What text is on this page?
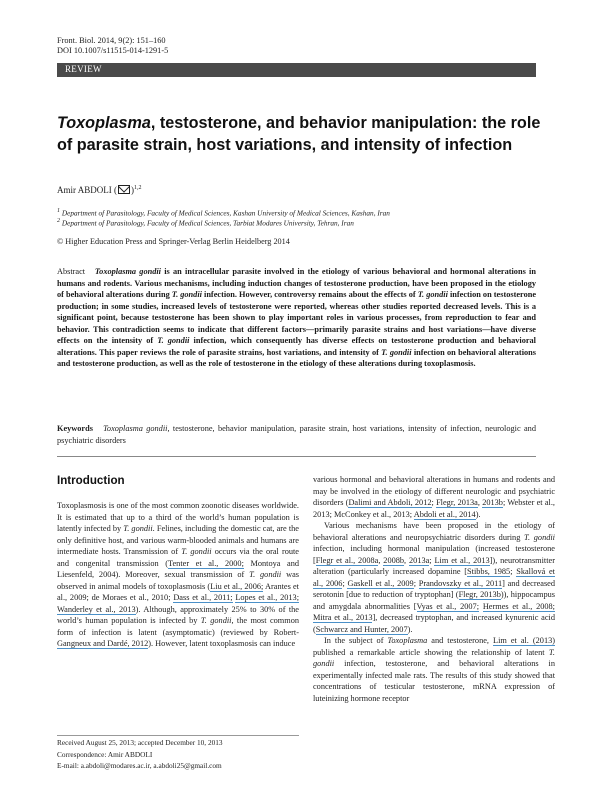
Front. Biol. 2014, 9(2): 151–160
DOI 10.1007/s11515-014-1291-5
REVIEW
Toxoplasma, testosterone, and behavior manipulation: the role of parasite strain, host variations, and intensity of infection
Amir ABDOLI ( )$^{1,2}$
$^1$ Department of Parasitology, Faculty of Medical Sciences, Kashan University of Medical Sciences, Kashan, Iran
$^2$ Department of Parasitology, Faculty of Medical Sciences, Tarbiat Modares University, Tehran, Iran
© Higher Education Press and Springer-Verlag Berlin Heidelberg 2014
Abstract Toxoplasma gondii is an intracellular parasite involved in the etiology of various behavioral and hormonal alterations in humans and rodents. Various mechanisms, including induction changes of testosterone production, have been proposed in the etiology of behavioral alterations during T. gondii infection. However, controversy remains about the effects of T. gondii infection on testosterone production; in some studies, increased levels of testosterone were reported, whereas other studies reported decreased levels. This is a significant point, because testosterone has been shown to play important roles in various processes, from reproduction to fear and behavior. This contradiction seems to indicate that different factors—primarily parasite strains and host variations—have diverse effects on the intensity of T. gondii infection, which consequently has diverse effects on testosterone production and behavioral alterations. This paper reviews the role of parasite strains, host variations, and intensity of T. gondii infection on behavioral alterations and testosterone production, as well as the role of testosterone in the etiology of these alterations during toxoplasmosis.
Keywords Toxoplasma gondii, testosterone, behavior manipulation, parasite strain, host variations, intensity of infection, neurologic and psychiatric disorders
Introduction

Toxoplasmosis is one of the most common zoonotic diseases worldwide. It is estimated that up to a third of the world’s human population is latently infected by T. gondii. Felines, including the domestic cat, are the only definitive host, and various warm-blooded animals and humans are intermediate hosts. Transmission of T. gondii occurs via the oral route and congenital transmission (Tenter et al., 2000; Montoya and Liesenfeld, 2004). Moreover, sexual transmission of T. gondii was observed in animal models of toxoplasmosis (Liu et al., 2006; Arantes et al., 2009; de Moraes et al., 2010; Dass et al., 2011; Lopes et al., 2013; Wanderley et al., 2013). Although, approximately 25% to 30% of the world’s human population is infected by T. gondii, the most common form of infection is latent (asymptomatic) (reviewed by Robert-Gangneux and Dardé, 2012). However, latent toxoplasmosis can induce

various hormonal and behavioral alterations in humans and rodents and may be involved in the etiology of different neurologic and psychiatric disorders (Dalimi and Abdoli, 2012; Flegr, 2013a, 2013b; Webster et al., 2013; McConkey et al., 2013; Abdoli et al., 2014).

Various mechanisms have been proposed in the etiology of behavioral alterations and neuropsychiatric disorders during T. gondii infection, including hormonal manipulation (increased testosterone [Flegr et al., 2008a, 2008b, 2013a; Lim et al., 2013]), neurotransmitter alteration (particularly increased dopamine [Stibbs, 1985; Skallová et al., 2006; Gaskell et al., 2009; Prandovszky et al., 2011] and decreased serotonin [due to reduction of tryptophan] (Flegr, 2013b)), hippocampus and amygdala abnormalities [Vyas et al., 2007; Hermes et al., 2008; Mitra et al., 2013], decreased tryptophan, and increased kynurenic acid (Schwarcz and Hunter, 2007).

In the subject of Toxoplasma and testosterone, Lim et al. (2013) published a remarkable article showing the relationship of latent T. gondii infection, testosterone, and behavioral alterations in experimentally infected male rats. The results of this study showed that concentrations of testicular testosterone, mRNA expression of luteinizing hormone receptor

Received August 25, 2013; accepted December 10, 2013
Correspondence: Amir ABDOLI
E-mail: a.abdoli@modares.ac.ir, a.abdoli25@gmail.com
